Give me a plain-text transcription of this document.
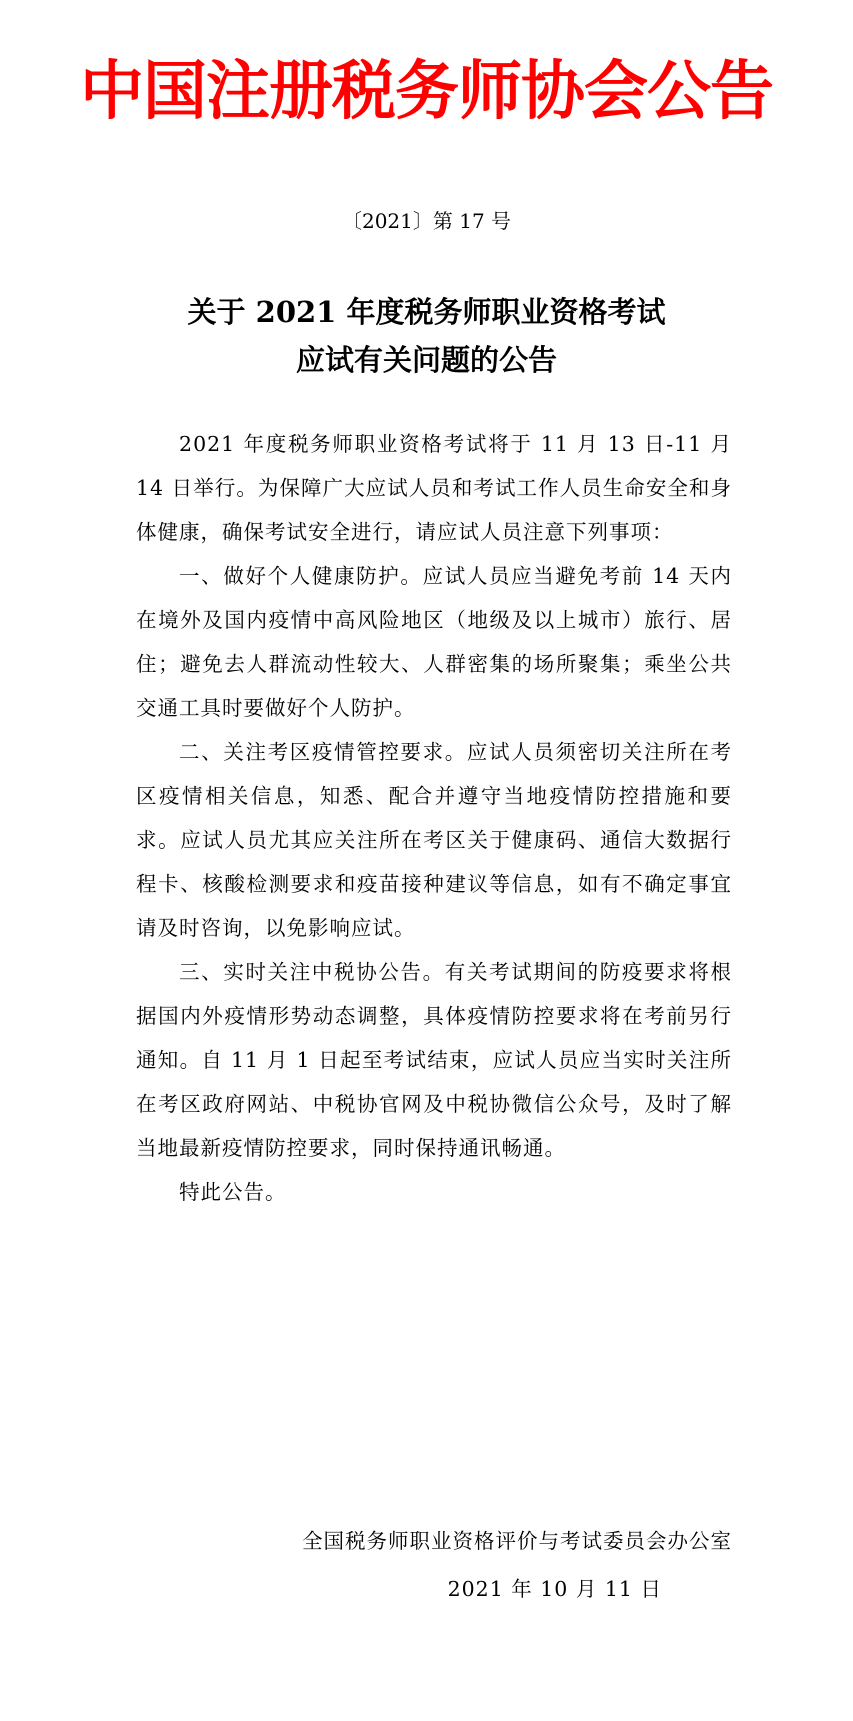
中国注册税务师协会公告
〔2021〕第 17 号
关于 2021 年度税务师职业资格考试
应试有关问题的公告

2021 年度税务师职业资格考试将于 11 月 13 日-11 月 14 日举行。为保障广大应试人员和考试工作人员生命安全和身体健康，确保考试安全进行，请应试人员注意下列事项：

一、做好个人健康防护。应试人员应当避免考前 14 天内在境外及国内疫情中高风险地区（地级及以上城市）旅行、居住；避免去人群流动性较大、人群密集的场所聚集；乘坐公共交通工具时要做好个人防护。

二、关注考区疫情管控要求。应试人员须密切关注所在考区疫情相关信息，知悉、配合并遵守当地疫情防控措施和要求。应试人员尤其应关注所在考区关于健康码、通信大数据行程卡、核酸检测要求和疫苗接种建议等信息，如有不确定事宜请及时咨询，以免影响应试。

三、实时关注中税协公告。有关考试期间的防疫要求将根据国内外疫情形势动态调整，具体疫情防控要求将在考前另行通知。自 11 月 1 日起至考试结束，应试人员应当实时关注所在考区政府网站、中税协官网及中税协微信公众号，及时了解当地最新疫情防控要求，同时保持通讯畅通。

特此公告。

全国税务师职业资格评价与考试委员会办公室
2021 年 10 月 11 日
